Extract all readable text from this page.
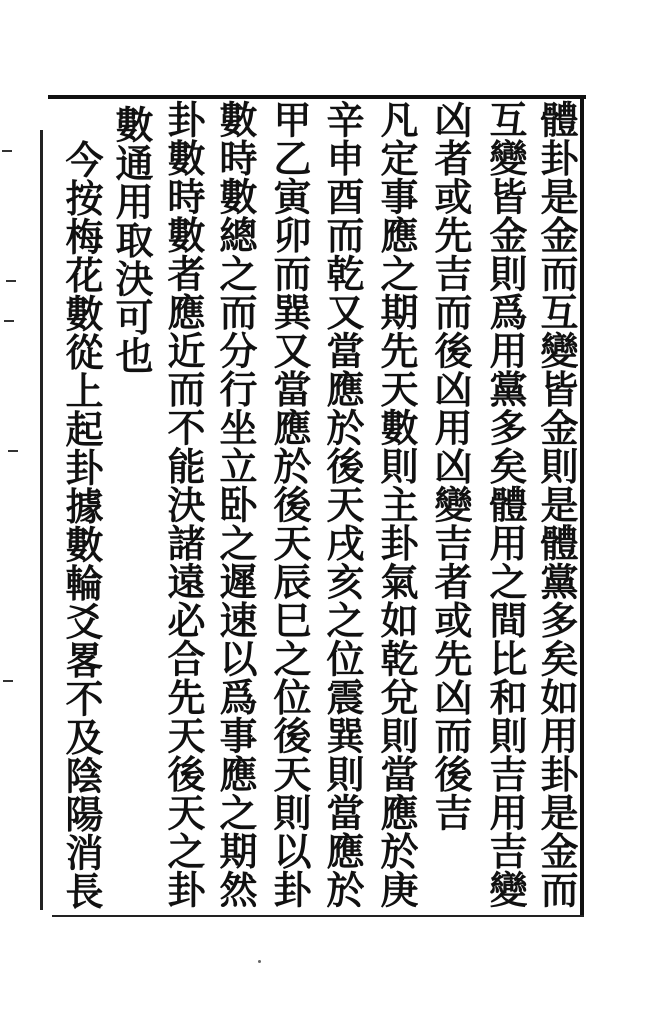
體卦是金而互變皆金則是體黨多矣如用卦是金而
互變皆金則爲用黨多矣體用之間比和則吉用吉變
凶者或先吉而後凶用凶變吉者或先凶而後吉
凡定事應之期先天數則主卦氣如乾兌則當應於庚
辛申酉而乾又當應於後天戌亥之位震巽則當應於
甲乙寅卯而巽又當應於後天辰巳之位後天則以卦
數時數總之而分行坐立卧之遲速以爲事應之期然
卦數時數者應近而不能決諸遠必合先天後天之卦
數通用取決可也
今按梅花數從上起卦據數輪爻畧不及陰陽消長
